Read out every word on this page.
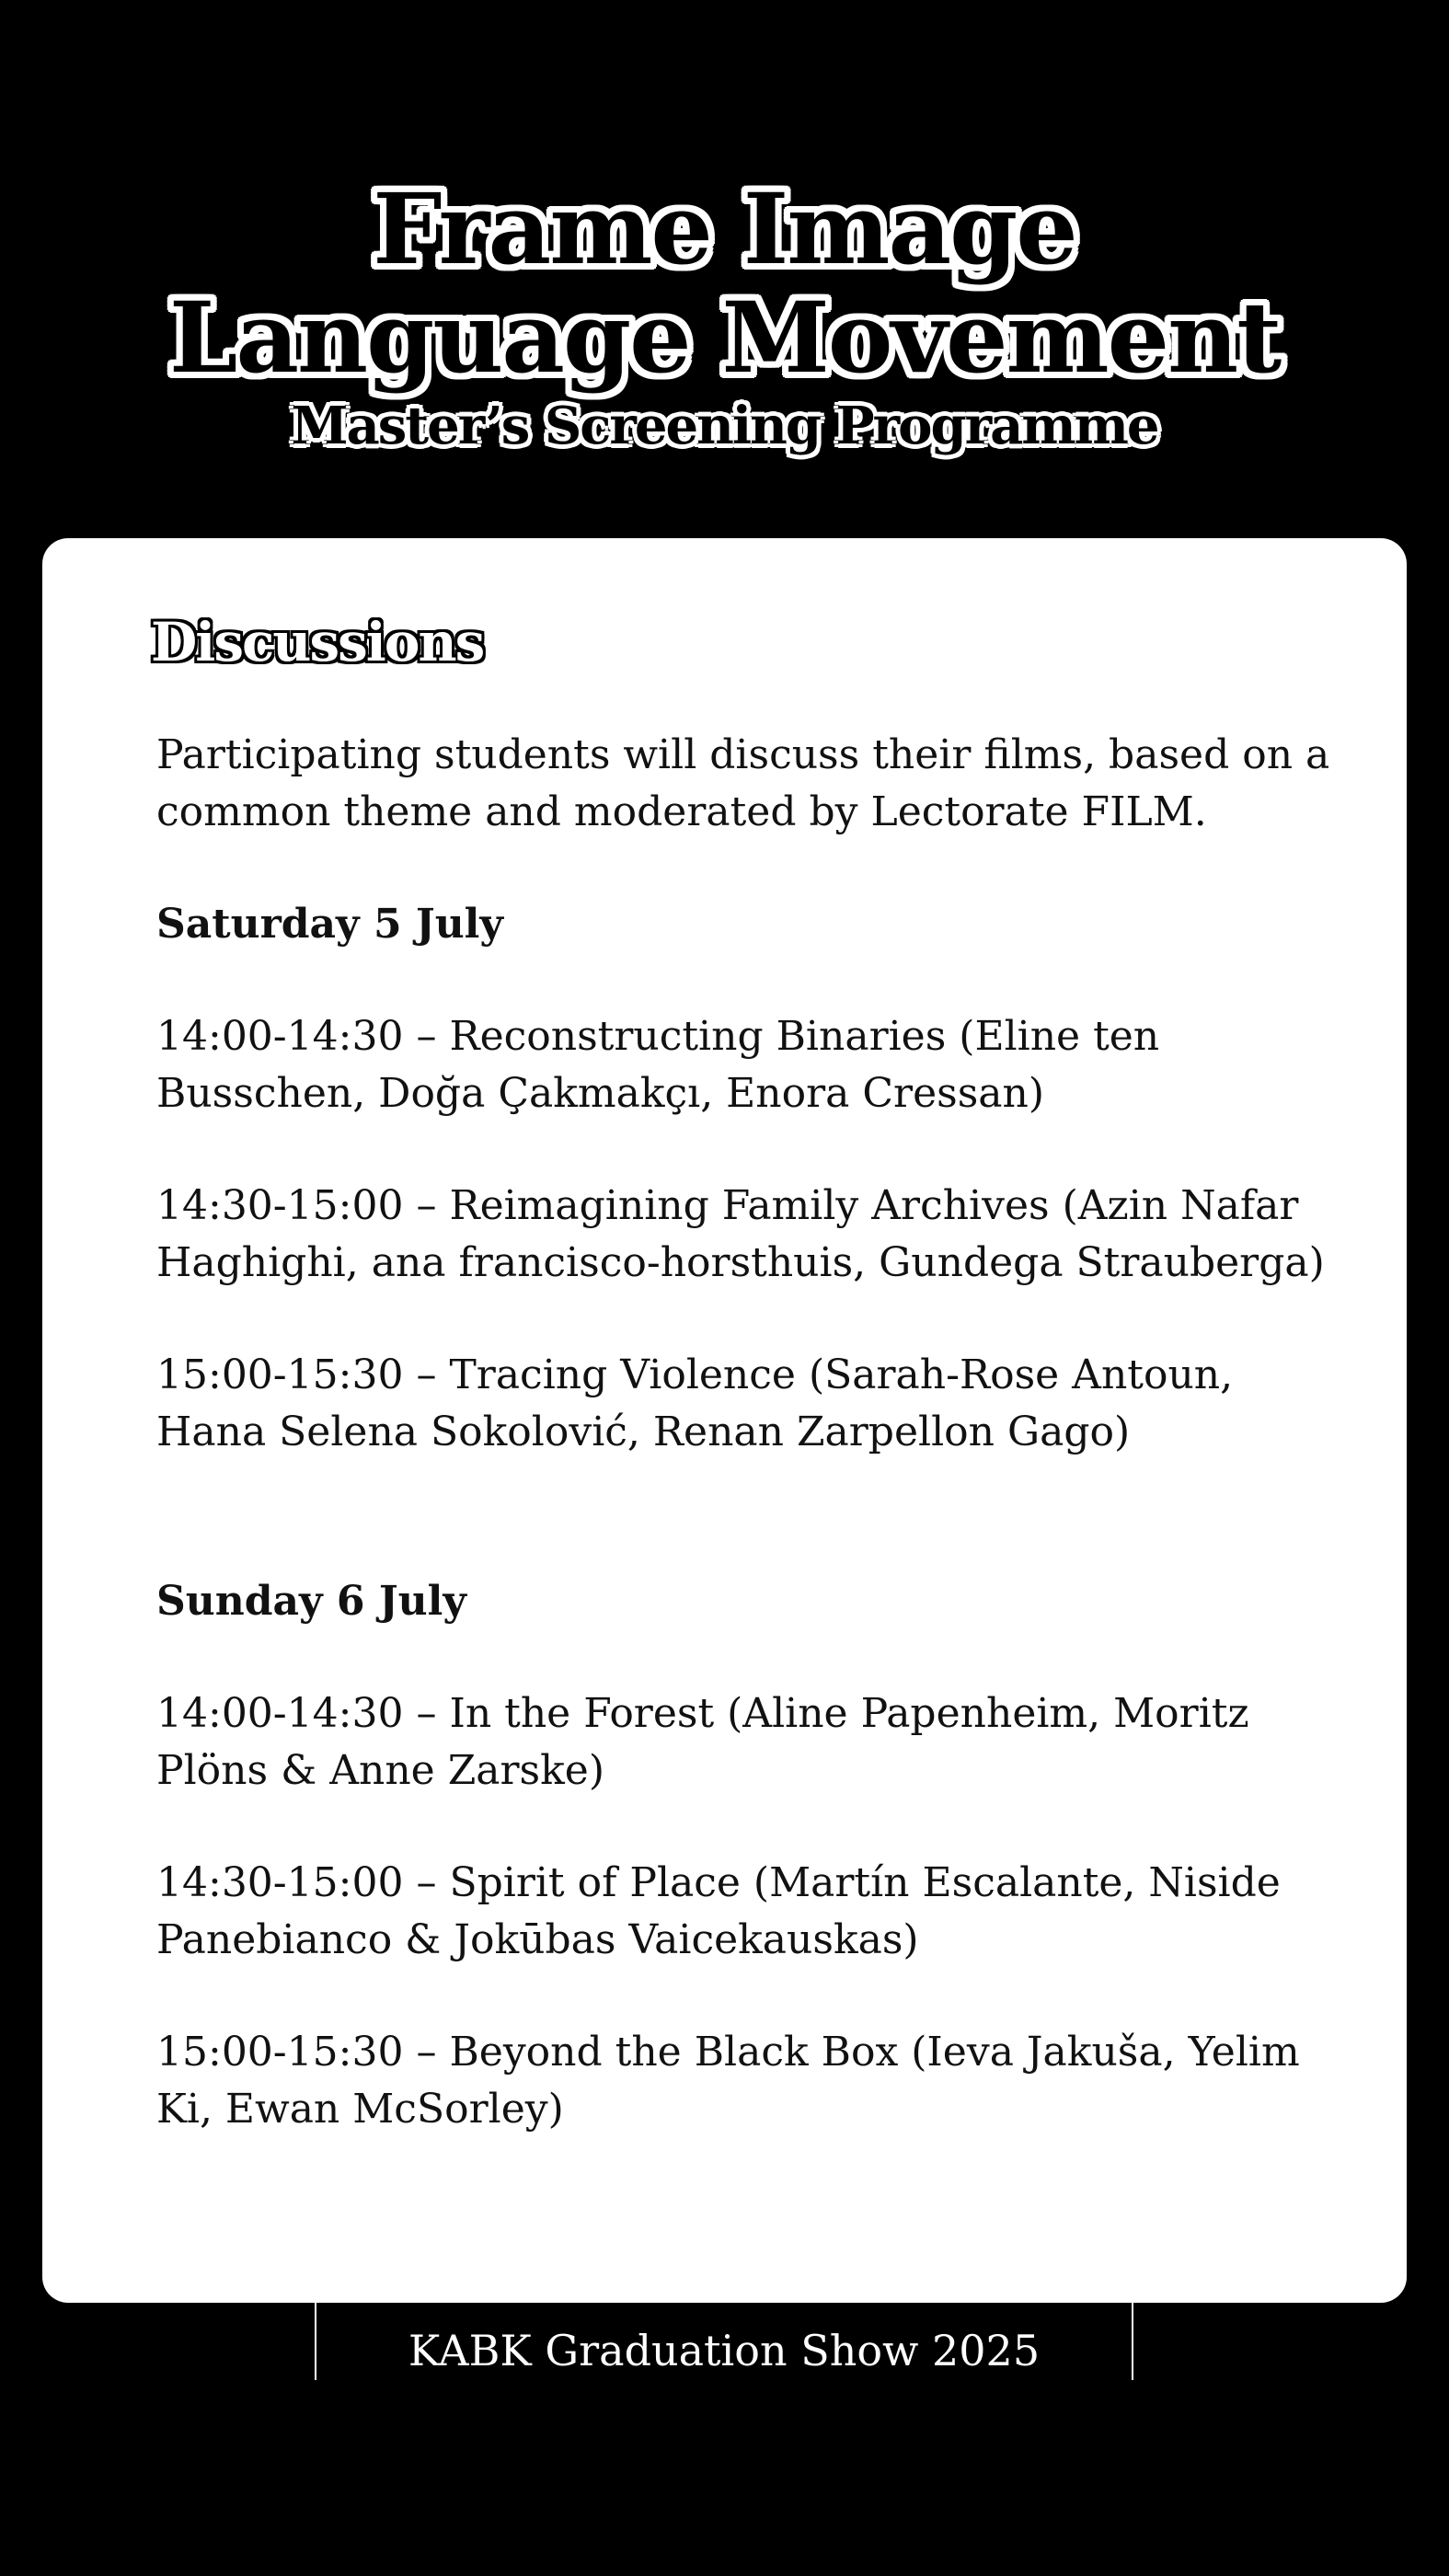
Frame Image
Language Movement
Master’s Screening Programme
Discussions

Participating students will discuss their films, based on a common theme and moderated by Lectorate FILM.

Saturday 5 July

14:00-14:30 – Reconstructing Binaries (Eline ten Busschen, Doğa Çakmakçı, Enora Cressan)

14:30-15:00 – Reimagining Family Archives (Azin Nafar Haghighi, ana francisco-horsthuis, Gundega Strauberga)

15:00-15:30 – Tracing Violence (Sarah-Rose Antoun, Hana Selena Sokolović, Renan Zarpellon Gago)

Sunday 6 July

14:00-14:30 – In the Forest (Aline Papenheim, Moritz Plöns & Anne Zarske)

14:30-15:00 – Spirit of Place (Martín Escalante, Niside Panebianco & Jokūbas Vaicekauskas)

15:00-15:30 – Beyond the Black Box (Ieva Jakuša, Yelim Ki, Ewan McSorley)

KABK Graduation Show 2025
